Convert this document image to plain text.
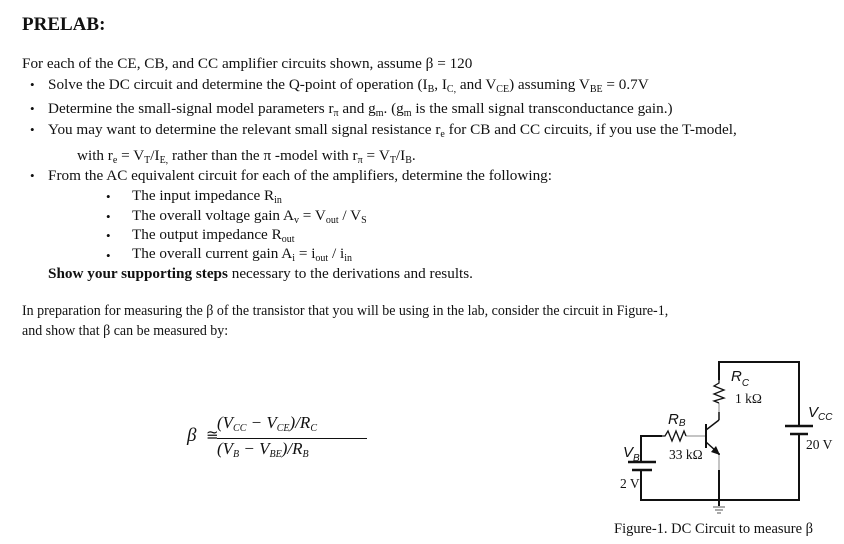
PRELAB:
For each of the CE, CB, and CC amplifier circuits shown, assume β = 120
• Solve the DC circuit and determine the Q-point of operation ($I_B$, $I_{C,}$ and $V_{CE}$) assuming $V_{BE} = 0.7V$
• Determine the small-signal model parameters $r_\pi$ and $g_m$. ($g_m$ is the small signal transconductance gain.)
• You may want to determine the relevant small signal resistance $r_e$ for CB and CC circuits, if you use the T-model,
with $r_e = V_T/I_{E,}$ rather than the π -model with $r_\pi = V_T/I_B$.
• From the AC equivalent circuit for each of the amplifiers, determine the following:
• The input impedance $R_{in}$
• The overall voltage gain $A_v = V_{out} / V_S$
• The output impedance $R_{out}$
• The overall current gain $A_i = i_{out} / i_{in}$
Show your supporting steps necessary to the derivations and results.
In preparation for measuring the β of the transistor that you will be using in the lab, consider the circuit in Figure-1,
and show that β can be measured by:
β ≅
(VCC − VCE)/RC
(VB − VBE)/RB
$R_C$
1 kΩ
RB
33 kΩ
$V_{CC}$
20 V
$V_B$
2 V
Figure-1. DC Circuit to measure β
